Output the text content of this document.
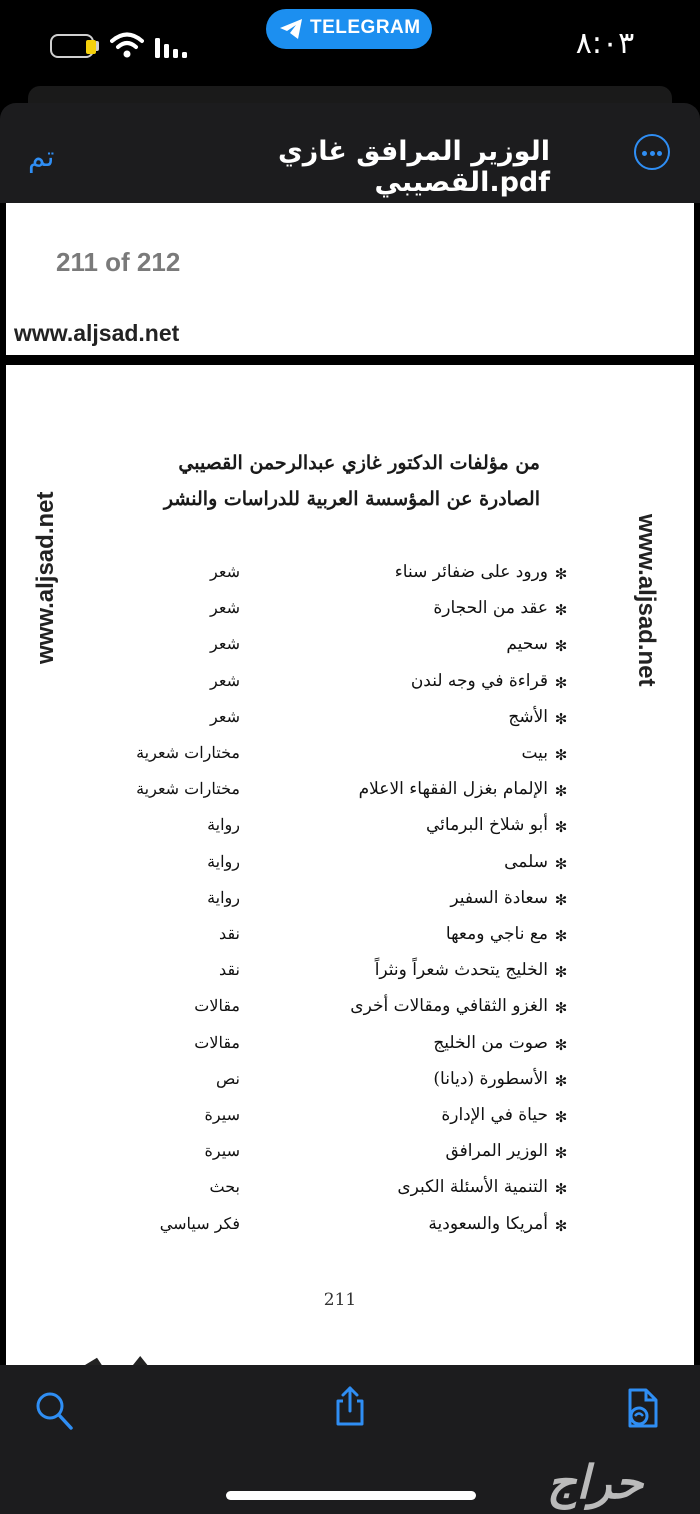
TELEGRAM	٨:٠٣
تم	الوزير المرافق غازي القصيبي.pdf
211 of 212
www.aljsad.net
www.aljsad.net	www.aljsad.net
من مؤلفات الدكتور غازي عبدالرحمن القصيبي
الصادرة عن المؤسسة العربية للدراسات والنشر
✻
ورود على ضفائر سناء
شعر
✻
عقد من الحجارة
شعر
✻
سحيم
شعر
✻
قراءة في وجه لندن
شعر
✻
الأشج
شعر
✻
بيت
مختارات شعرية
✻
الإلمام بغزل الفقهاء الاعلام
مختارات شعرية
✻
أبو شلاخ البرمائي
رواية
✻
سلمى
رواية
✻
سعادة السفير
رواية
✻
مع ناجي ومعها
نقد
✻
الخليج يتحدث شعراً ونثراً
نقد
✻
الغزو الثقافي ومقالات أخرى
مقالات
✻
صوت من الخليج
مقالات
✻
الأسطورة (ديانا)
نص
✻
حياة في الإدارة
سيرة
✻
الوزير المرافق
سيرة
✻
التنمية الأسئلة الكبرى
بحث
✻
أمريكا والسعودية
فكر سياسي
211
حراج
